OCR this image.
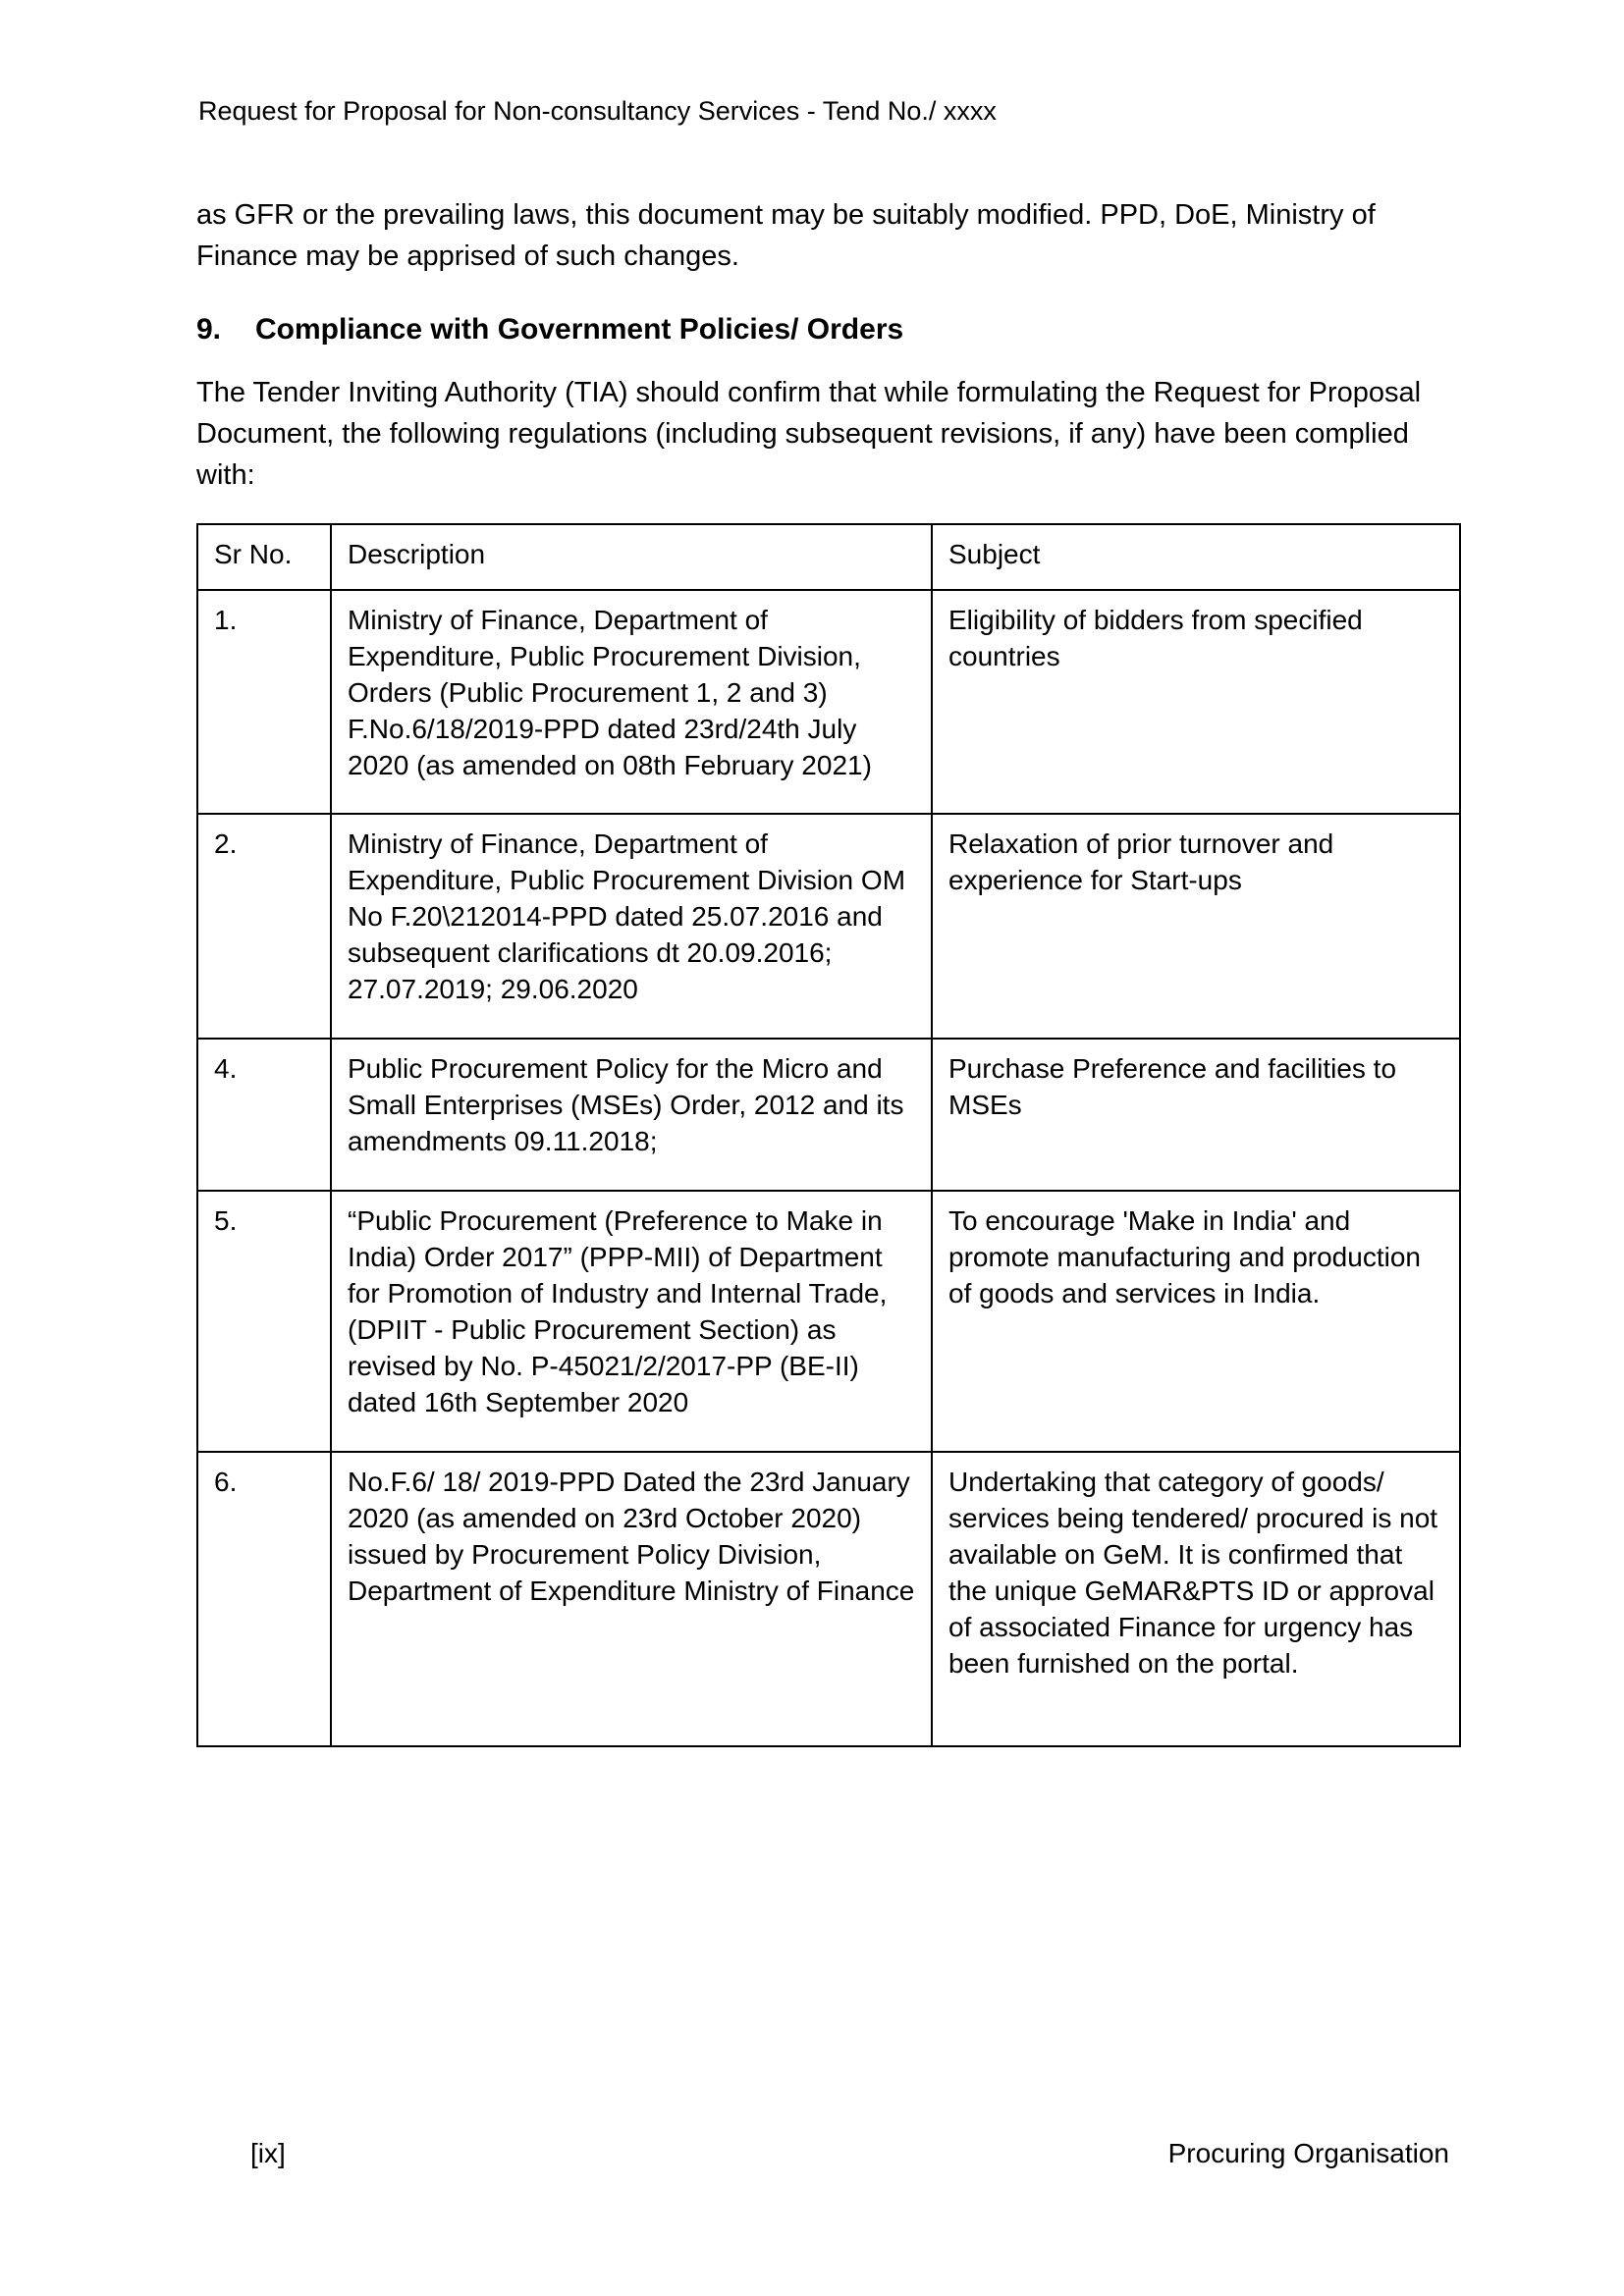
Request for Proposal for Non-consultancy Services - Tend No./ xxxx

as GFR or the prevailing laws, this document may be suitably modified. PPD, DoE, Ministry of Finance may be apprised of such changes.

9.	Compliance with Government Policies/ Orders

The Tender Inviting Authority (TIA) should confirm that while formulating the Request for Proposal Document, the following regulations (including subsequent revisions, if any) have been complied with:

Sr No.	Description	Subject
1.	Ministry of Finance, Department of Expenditure, Public Procurement Division, Orders (Public Procurement 1, 2 and 3) F.No.6/18/2019-PPD dated 23rd/24th July 2020 (as amended on 08th February 2021)	Eligibility of bidders from specified countries
2.	Ministry of Finance, Department of Expenditure, Public Procurement Division OM No F.20\212014-PPD dated 25.07.2016 and subsequent clarifications dt 20.09.2016; 27.07.2019; 29.06.2020	Relaxation of prior turnover and experience for Start-ups
4.	Public Procurement Policy for the Micro and Small Enterprises (MSEs) Order, 2012 and its amendments 09.11.2018;	Purchase Preference and facilities to MSEs
5.	“Public Procurement (Preference to Make in India) Order 2017” (PPP-MII) of Department for Promotion of Industry and Internal Trade, (DPIIT - Public Procurement Section) as revised by No. P-45021/2/2017-PP (BE-II) dated 16th September 2020	To encourage 'Make in India' and promote manufacturing and production of goods and services in India.
6.	No.F.6/ 18/ 2019-PPD Dated the 23rd January 2020 (as amended on 23rd October 2020) issued by Procurement Policy Division, Department of Expenditure Ministry of Finance	Undertaking that category of goods/ services being tendered/ procured is not available on GeM. It is confirmed that the unique GeMAR&PTS ID or approval of associated Finance for urgency has been furnished on the portal.
[ix]	Procuring Organisation
